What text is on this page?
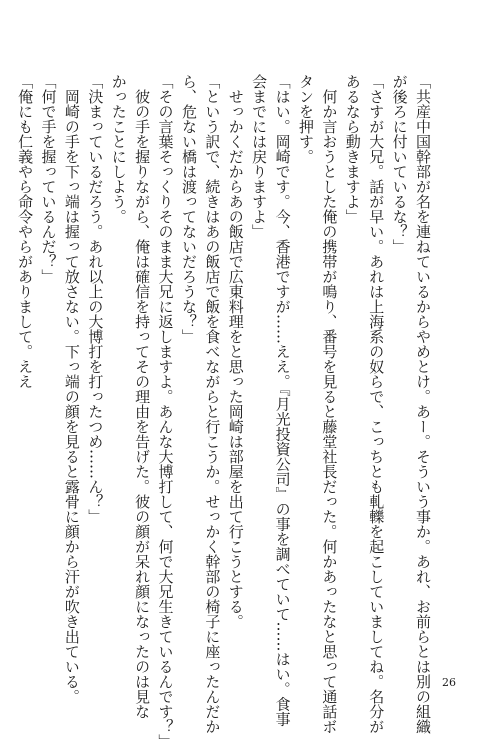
「共産中国幹部が名を連ねているからやめとけ。あー。そういう事か。あれ、お前らとは別の組織

が後ろに付いているな？」

「さすが大兄。話が早い。あれは上海系の奴らで、こっちとも軋轢を起こしていましてね。名分が

あるなら動きますよ」

　何か言おうとした俺の携帯が鳴り、番号を見ると藤堂社長だった。何かあったなと思って通話ボ

タンを押す。

「はい。岡崎です。今、香港ですが……ええ。『月光投資公司』の事を調べていて……はい。食事

会までには戻りますよ」

　せっかくだからあの飯店で広東料理をと思った岡崎は部屋を出て行こうとする。

「という訳で、続きはあの飯店で飯を食べながらと行こうか。せっかく幹部の椅子に座ったんだか

ら、危ない橋は渡ってないだろうな？」

「その言葉そっくりそのまま大兄に返しますよ。あんな大博打して、何で大兄生きているんです？」

　彼の手を握りながら、俺は確信を持ってその理由を告げた。彼の顔が呆れ顔になったのは見な

かったことにしよう。

「決まっているだろう。あれ以上の大博打を打ったつめ……ん？」

　岡崎の手を下っ端は握って放さない。下っ端の顔を見ると露骨に顔から汗が吹き出ている。

「何で手を握っているんだ？」

「俺にも仁義やら命令やらがありまして。ええ

26
